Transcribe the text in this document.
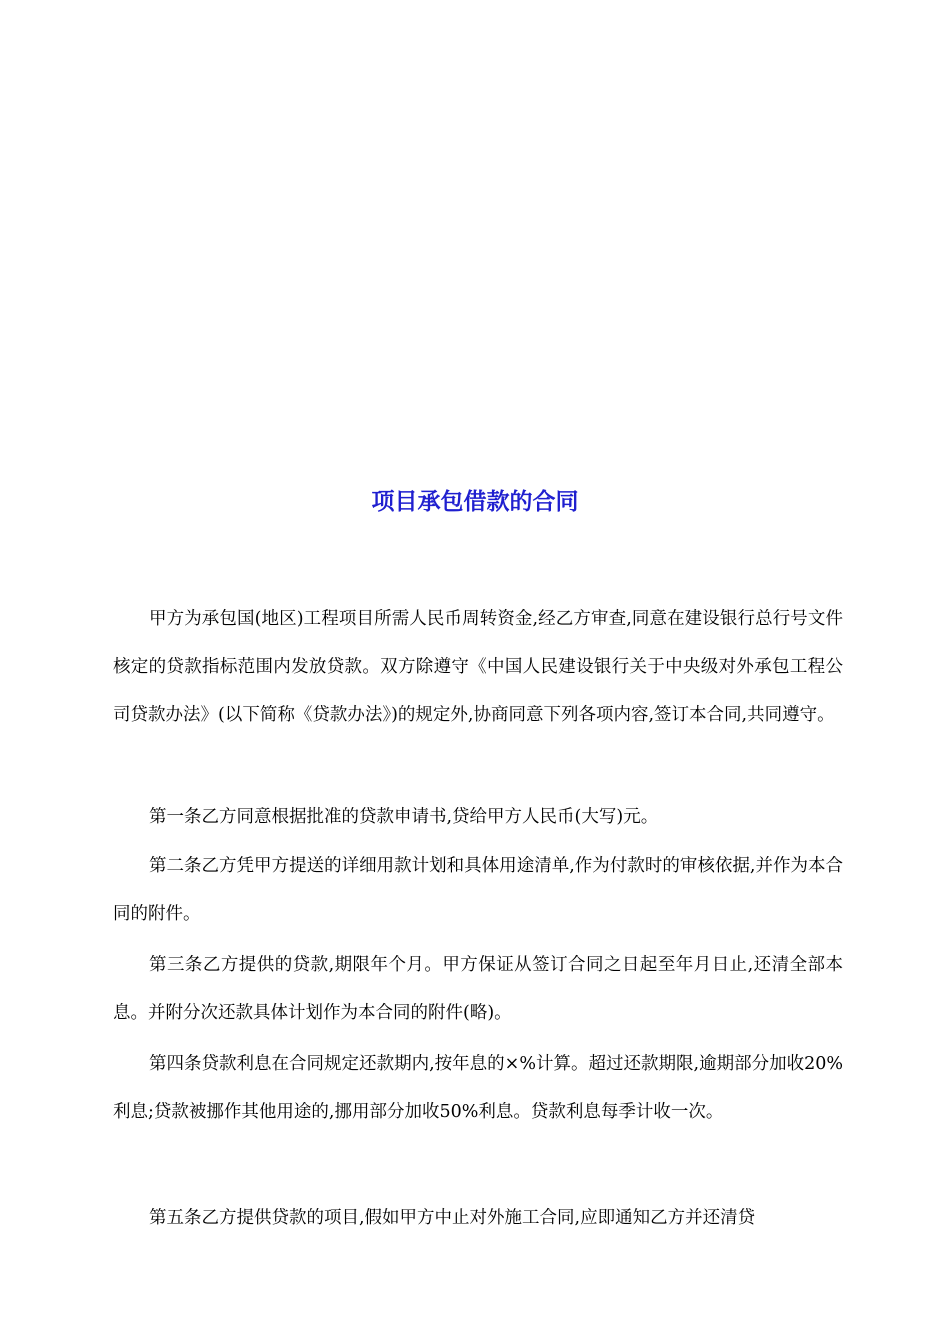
项目承包借款的合同

甲方为承包国(地区)工程项目所需人民币周转资金,经乙方审查,同意在建设银行总行号文件核定的贷款指标范围内发放贷款。双方除遵守《中国人民建设银行关于中央级对外承包工程公司贷款办法》(以下简称《贷款办法》)的规定外,协商同意下列各项内容,签订本合同,共同遵守。

第一条乙方同意根据批准的贷款申请书,贷给甲方人民币(大写)元。

第二条乙方凭甲方提送的详细用款计划和具体用途清单,作为付款时的审核依据,并作为本合同的附件。

第三条乙方提供的贷款,期限年个月。甲方保证从签订合同之日起至年月日止,还清全部本息。并附分次还款具体计划作为本合同的附件(略)。

第四条贷款利息在合同规定还款期内,按年息的×%计算。超过还款期限,逾期部分加收20%利息;贷款被挪作其他用途的,挪用部分加收50%利息。贷款利息每季计收一次。

第五条乙方提供贷款的项目,假如甲方中止对外施工合同,应即通知乙方并还清贷
